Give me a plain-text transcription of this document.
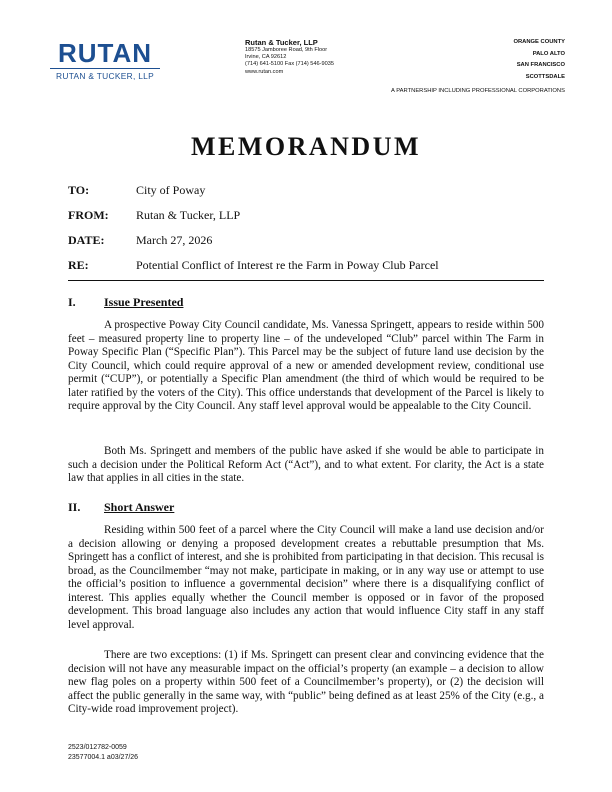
RUTAN
RUTAN & TUCKER, LLP
Rutan & Tucker, LLP
18575 Jamboree Road, 9th Floor
Irvine, CA 92612
(714) 641-5100 Fax (714) 546-9035
www.rutan.com
ORANGE COUNTY
PALO ALTO
SAN FRANCISCO
SCOTTSDALE
A PARTNERSHIP INCLUDING PROFESSIONAL CORPORATIONS
MEMORANDUM
TO:	City of Poway
FROM: Rutan & Tucker, LLP
DATE:	March 27, 2026
RE:	Potential Conflict of Interest re the Farm in Poway Club Parcel
I. Issue Presented
A prospective Poway City Council candidate, Ms. Vanessa Springett, appears to reside within 500 feet – measured property line to property line – of the undeveloped “Club” parcel within The Farm in Poway Specific Plan (“Specific Plan”). This Parcel may be the subject of future land use decision by the City Council, which could require approval of a new or amended development review, conditional use permit (“CUP”), or potentially a Specific Plan amendment (the third of which would be required to be later ratified by the voters of the City). This office understands that development of the Parcel is likely to require approval by the City Council. Any staff level approval would be appealable to the City Council.
Both Ms. Springett and members of the public have asked if she would be able to participate in such a decision under the Political Reform Act (“Act”), and to what extent. For clarity, the Act is a state law that applies in all cities in the state.
II. Short Answer
Residing within 500 feet of a parcel where the City Council will make a land use decision and/or a decision allowing or denying a proposed development creates a rebuttable presumption that Ms. Springett has a conflict of interest, and she is prohibited from participating in that decision. This recusal is broad, as the Councilmember “may not make, participate in making, or in any way use or attempt to use the official’s position to influence a governmental decision” where there is a disqualifying conflict of interest. This applies equally whether the Council member is opposed or in favor of the proposed development. This broad language also includes any action that would influence City staff in any staff level approval.
There are two exceptions: (1) if Ms. Springett can present clear and convincing evidence that the decision will not have any measurable impact on the official’s property (an example – a decision to allow new flag poles on a property within 500 feet of a Councilmember’s property), or (2) the decision will affect the public generally in the same way, with “public” being defined as at least 25% of the City (e.g., a City-wide road improvement project).
2523/012782-0059
23577004.1 a03/27/26
